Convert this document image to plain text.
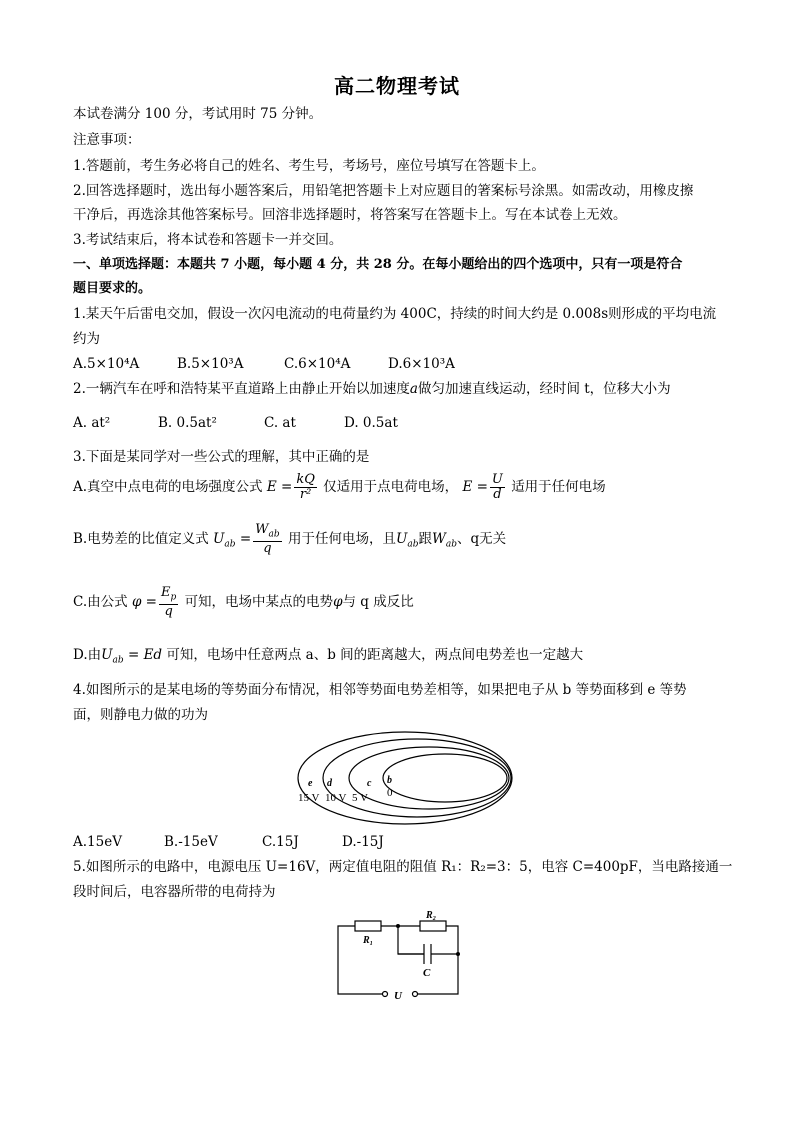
高二物理考试
本试卷满分 100 分，考试用时 75 分钟。
注意事项：
1.答题前，考生务必将自己的姓名、考生号，考场号，座位号填写在答题卡上。
2.回答选择题时，选出每小题答案后，用铅笔把答题卡上对应题目的箸案标号涂黑。如需改动，用橡皮擦
干净后，再选涂其他答案标号。回溶非选择题时，将答案写在答题卡上。写在本试卷上无效。
3.考试结束后，将本试卷和答题卡一并交回。
一、单项选择题：本题共 7 小题，每小题 4 分，共 28 分。在每小题给出的四个选项中，只有一项是符合
题目要求的。
1.某天午后雷电交加，假设一次闪电流动的电荷量约为 400C，持续的时间大约是 0.008s则形成的平均电流
约为
A.5×10⁴A	B.5×10³A	C.6×10⁴A	D.6×10³A
2.一辆汽车在呼和浩特某平直道路上由静止开始以加速度a做匀加速直线运动，经时间 t，位移大小为
A. at²	B. 0.5at²	C. at	D. 0.5at
3.下面是某同学对一些公式的理解，其中正确的是
A.真空中点电荷的电场强度公式 $E = \frac{kQ}{\text{r²}}$ 仅适用于点电荷电场， $E = \frac{U}{d}$ 适用于任何电场
B.电势差的比值定义式 $U_{ab} = \frac{W_{ab}}{q}$ 用于任何电场，且$U_{ab}$跟$W_{ab}$、q无关
C.由公式 $\varphi = \frac{E_p}{q}$ 可知，电场中某点的电势φ与 q 成反比
D.由$U_{ab} = Ed$ 可知，电场中任意两点 a、b 间的距离越大，两点间电势差也一定越大
4.如图所示的是某电场的等势面分布情况，相邻等势面电势差相等，如果把电子从 b 等势面移到 e 等势
面，则静电力做的功为
e d	c b
15 V 10 V 5 V 0
A.15eV	B.-15eV	C.15J	D.-15J
5.如图所示的电路中，电源电压 U=16V，两定值电阻的阻值 R₁：R₂=3：5，电容 C=400pF，当电路接通一
段时间后，电容器所带的电荷持为
R₂
R₁
C
U
